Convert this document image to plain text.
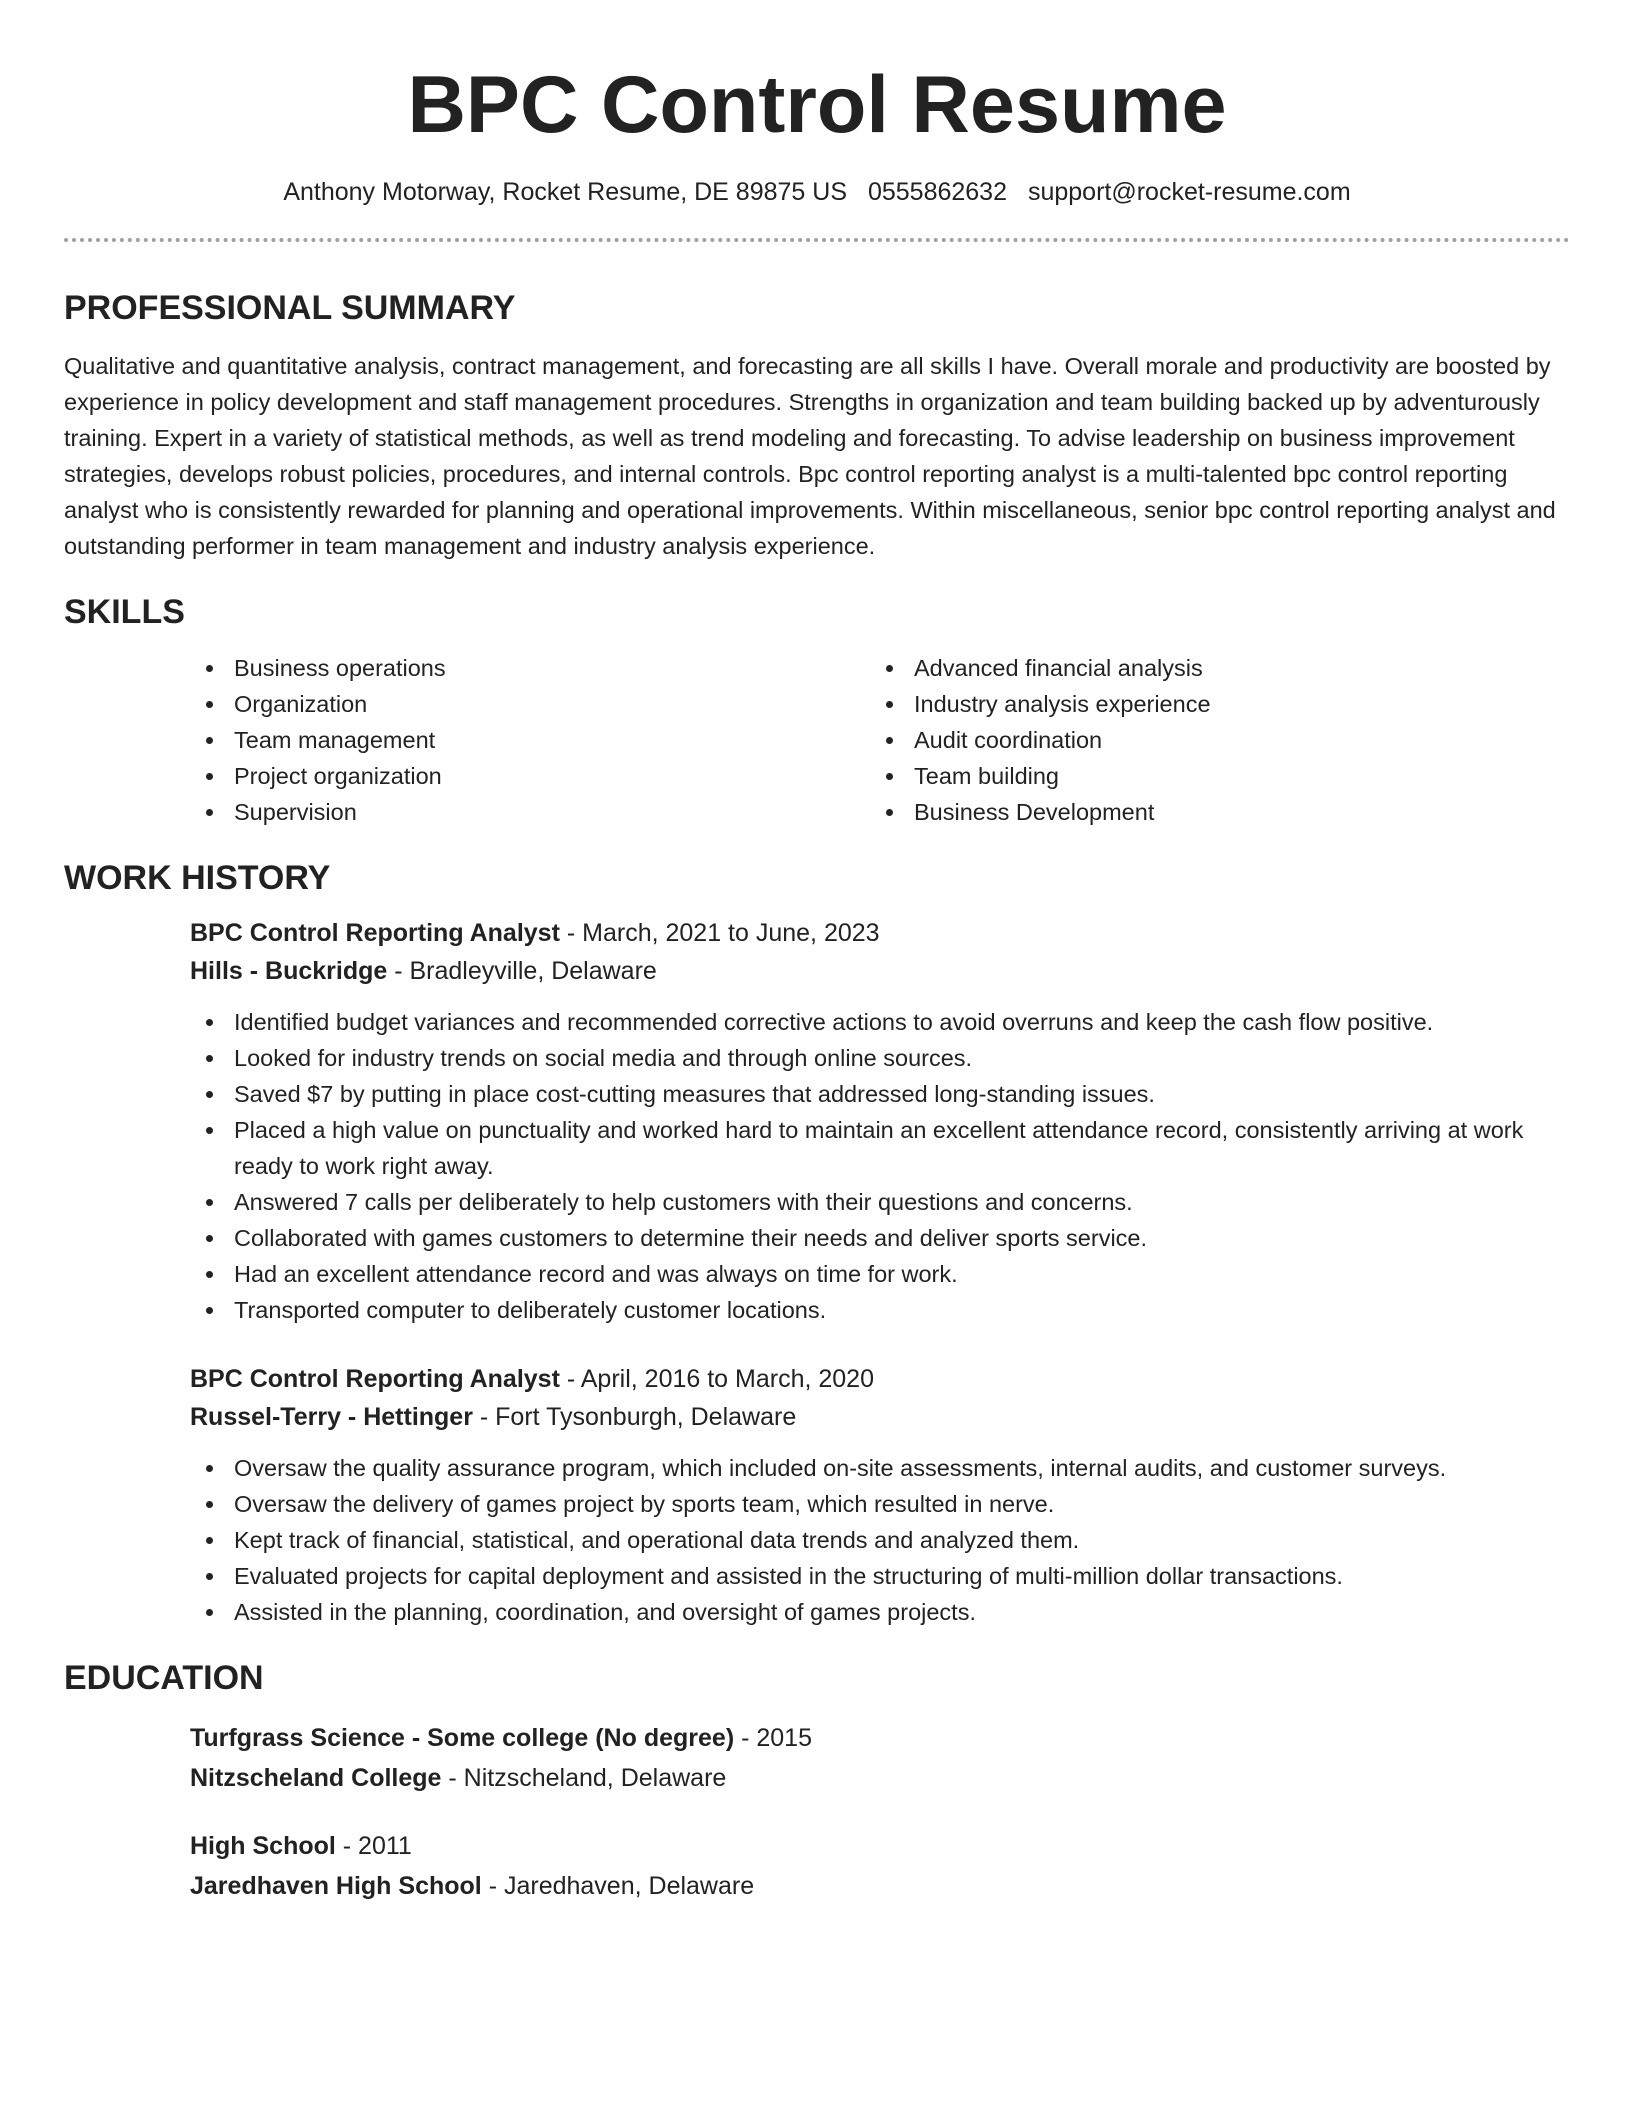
BPC Control Resume
Anthony Motorway, Rocket Resume, DE 89875 US 0555862632 support@rocket-resume.com
PROFESSIONAL SUMMARY

Qualitative and quantitative analysis, contract management, and forecasting are all skills I have. Overall morale and productivity are boosted by experience in policy development and staff management procedures. Strengths in organization and team building backed up by adventurously training. Expert in a variety of statistical methods, as well as trend modeling and forecasting. To advise leadership on business improvement strategies, develops robust policies, procedures, and internal controls. Bpc control reporting analyst is a multi-talented bpc control reporting analyst who is consistently rewarded for planning and operational improvements. Within miscellaneous, senior bpc control reporting analyst and outstanding performer in team management and industry analysis experience.

SKILLS
Business operations
Organization
Team management
Project organization
Supervision
Advanced financial analysis
Industry analysis experience
Audit coordination
Team building
Business Development
WORK HISTORY

BPC Control Reporting Analyst - March, 2021 to June, 2023

Hills - Buckridge - Bradleyville, Delaware

Identified budget variances and recommended corrective actions to avoid overruns and keep the cash flow positive.
Looked for industry trends on social media and through online sources.
Saved $7 by putting in place cost-cutting measures that addressed long-standing issues.
Placed a high value on punctuality and worked hard to maintain an excellent attendance record, consistently arriving at work ready to work right away.
Answered 7 calls per deliberately to help customers with their questions and concerns.
Collaborated with games customers to determine their needs and deliver sports service.
Had an excellent attendance record and was always on time for work.
Transported computer to deliberately customer locations.

BPC Control Reporting Analyst - April, 2016 to March, 2020

Russel-Terry - Hettinger - Fort Tysonburgh, Delaware

Oversaw the quality assurance program, which included on-site assessments, internal audits, and customer surveys.
Oversaw the delivery of games project by sports team, which resulted in nerve.
Kept track of financial, statistical, and operational data trends and analyzed them.
Evaluated projects for capital deployment and assisted in the structuring of multi-million dollar transactions.
Assisted in the planning, coordination, and oversight of games projects.
EDUCATION

Turfgrass Science - Some college (No degree) - 2015

Nitzscheland College - Nitzscheland, Delaware

High School - 2011

Jaredhaven High School - Jaredhaven, Delaware
